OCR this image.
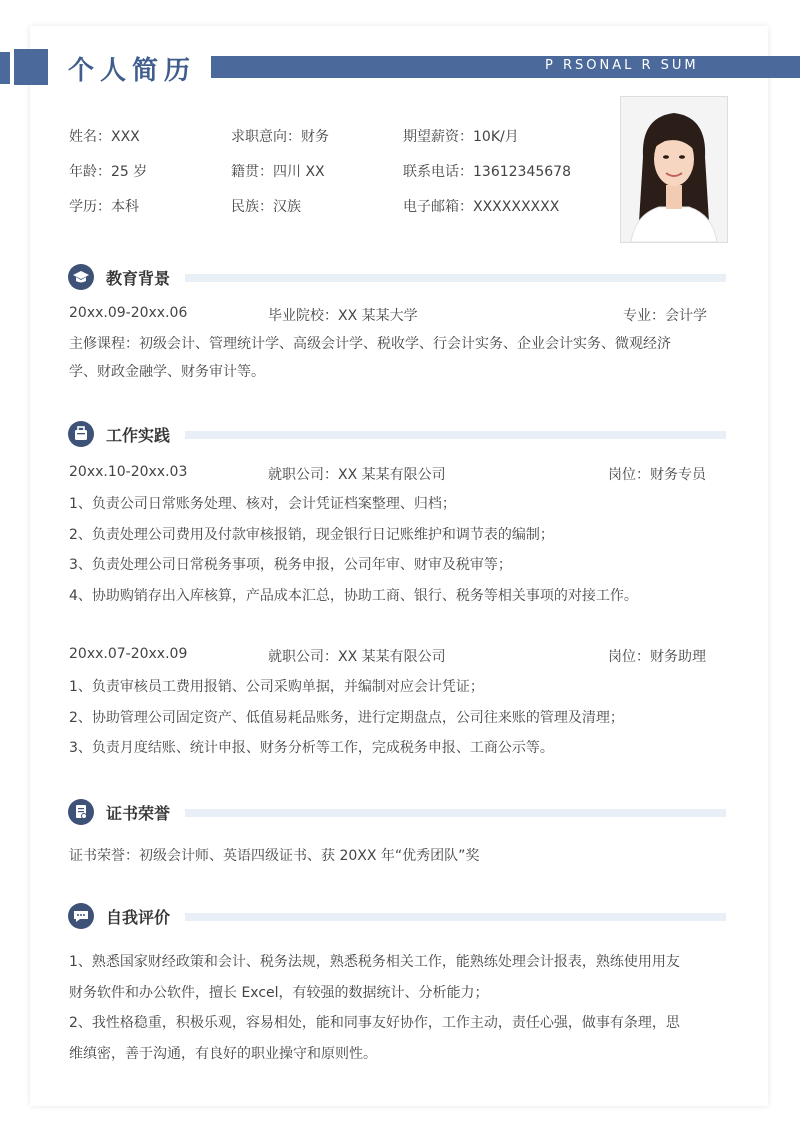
个人简历	P RSONAL R SUM
姓名：XXX	求职意向：财务	期望薪资：10K/月
年龄：25 岁	籍贯：四川 XX	联系电话：13612345678
学历：本科	民族：汉族	电子邮箱：XXXXXXXXX
教育背景
20xx.09-20xx.06	毕业院校：XX 某某大学	专业：会计学
主修课程：初级会计、管理统计学、高级会计学、税收学、行会计实务、企业会计实务、微观经济
学、财政金融学、财务审计等。
工作实践
20xx.10-20xx.03	就职公司：XX 某某有限公司	岗位：财务专员
1、负责公司日常账务处理、核对，会计凭证档案整理、归档；
2、负责处理公司费用及付款审核报销，现金银行日记账维护和调节表的编制；
3、负责处理公司日常税务事项，税务申报，公司年审、财审及税审等；
4、协助购销存出入库核算，产品成本汇总，协助工商、银行、税务等相关事项的对接工作。
20xx.07-20xx.09	就职公司：XX 某某有限公司	岗位：财务助理
1、负责审核员工费用报销、公司采购单据，并编制对应会计凭证；
2、协助管理公司固定资产、低值易耗品账务，进行定期盘点，公司往来账的管理及清理；
3、负责月度结账、统计申报、财务分析等工作，完成税务申报、工商公示等。
证书荣誉
证书荣誉：初级会计师、英语四级证书、获 20XX 年“优秀团队”奖
自我评价
1、熟悉国家财经政策和会计、税务法规，熟悉税务相关工作，能熟练处理会计报表，熟练使用用友
财务软件和办公软件，擅长 Excel，有较强的数据统计、分析能力；
2、我性格稳重，积极乐观，容易相处，能和同事友好协作，工作主动，责任心强，做事有条理，思
维缜密，善于沟通，有良好的职业操守和原则性。
